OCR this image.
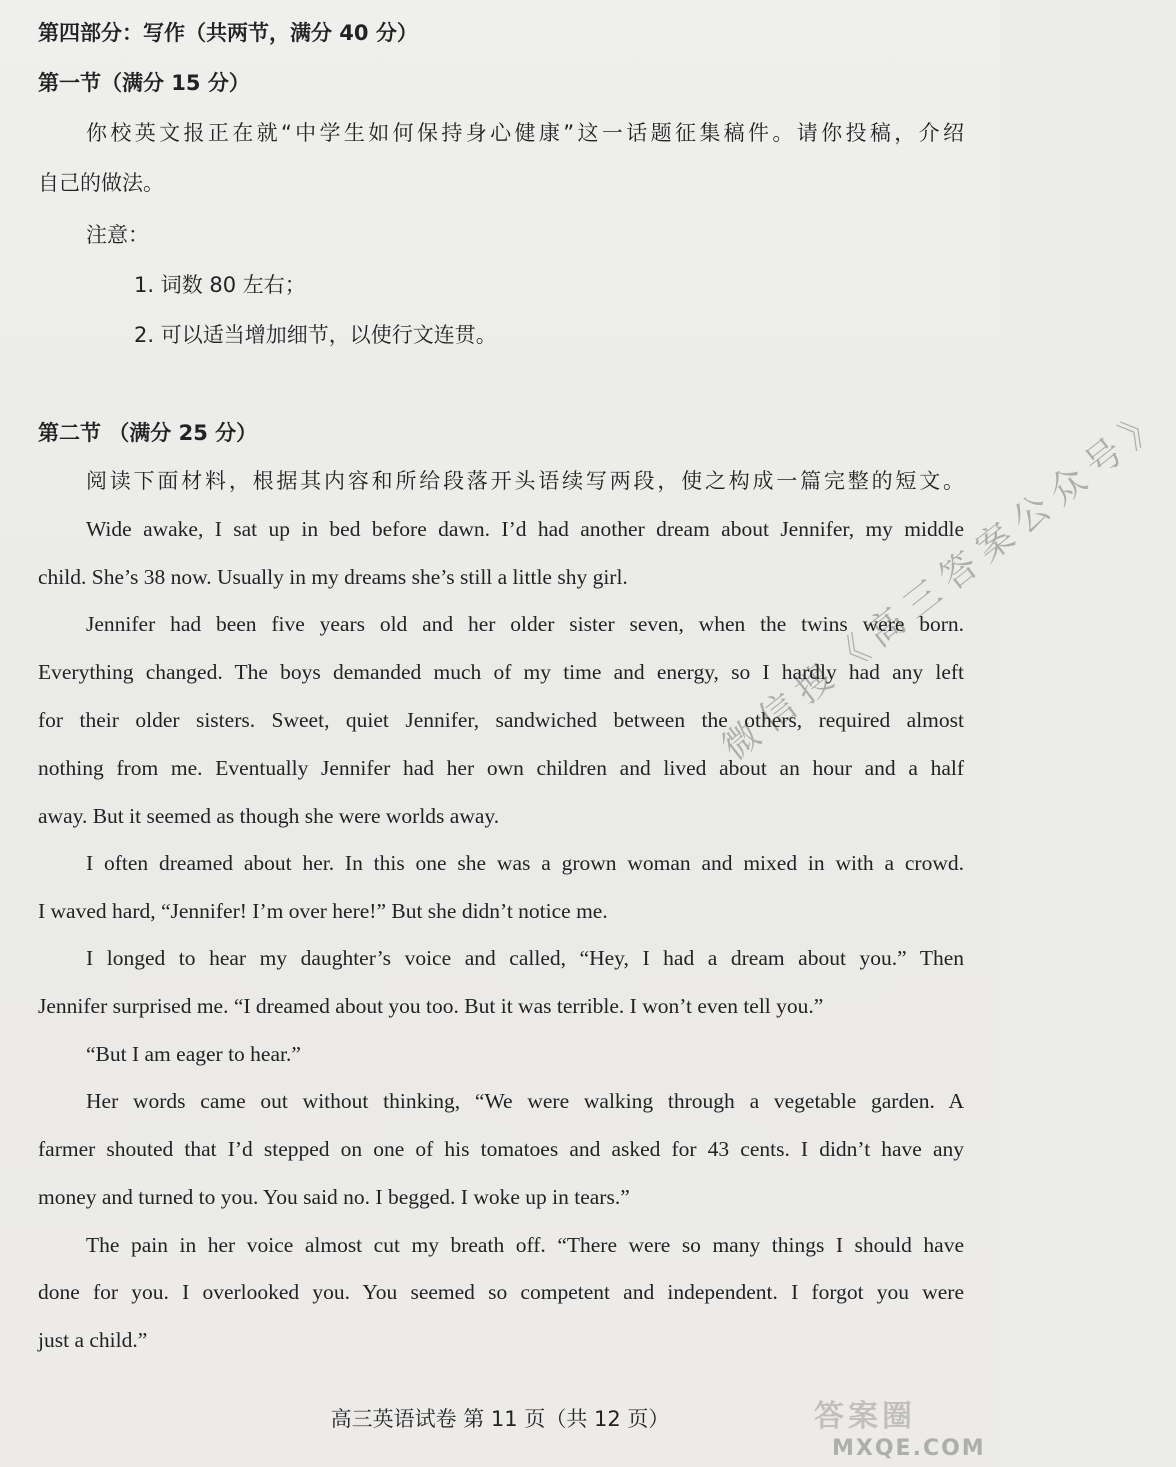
第四部分：写作（共两节，满分 40 分）
第一节（满分 15 分）
你校英文报正在就“中学生如何保持身心健康”这一话题征集稿件。请你投稿，介绍
自己的做法。
注意：
1. 词数 80 左右；
2. 可以适当增加细节，以使行文连贯。
第二节 （满分 25 分）
阅读下面材料，根据其内容和所给段落开头语续写两段，使之构成一篇完整的短文。
Wide awake, I sat up in bed before dawn. I’d had another dream about Jennifer, my middle
child. She’s 38 now. Usually in my dreams she’s still a little shy girl.
Jennifer had been five years old and her older sister seven, when the twins were born.
Everything changed. The boys demanded much of my time and energy, so I hardly had any left
for their older sisters. Sweet, quiet Jennifer, sandwiched between the others, required almost
nothing from me. Eventually Jennifer had her own children and lived about an hour and a half
away. But it seemed as though she were worlds away.
I often dreamed about her. In this one she was a grown woman and mixed in with a crowd.
I waved hard, “Jennifer! I’m over here!” But she didn’t notice me.
I longed to hear my daughter’s voice and called, “Hey, I had a dream about you.” Then
Jennifer surprised me. “I dreamed about you too. But it was terrible. I won’t even tell you.”
“But I am eager to hear.”
Her words came out without thinking, “We were walking through a vegetable garden. A
farmer shouted that I’d stepped on one of his tomatoes and asked for 43 cents. I didn’t have any
money and turned to you. You said no. I begged. I woke up in tears.”
The pain in her voice almost cut my breath off. “There were so many things I should have
done for you. I overlooked you. You seemed so competent and independent. I forgot you were
just a child.”
微信搜《高三答案公众号》
高三英语试卷 第 11 页（共 12 页）	答案圈
MXQE.COM
